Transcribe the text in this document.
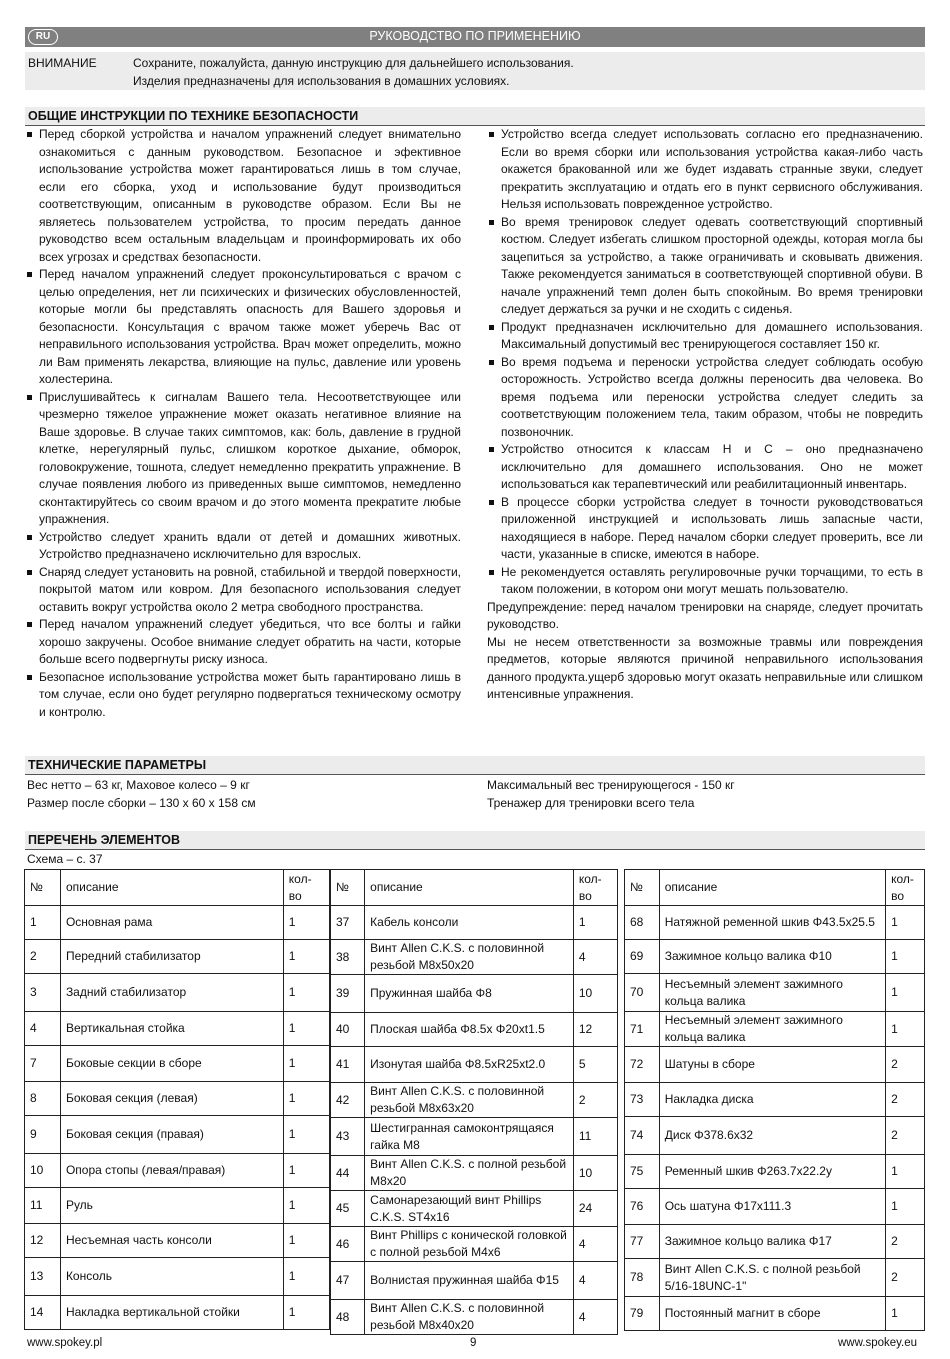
RU	РУКОВОДСТВО ПО ПРИМЕНЕНИЮ
ВНИМАНИЕ	Сохраните, пожалуйста, данную инструкцию для дальнейшего использования.
Изделия предназначены для использования в домашних условиях.
ОБЩИЕ ИНСТРУКЦИИ ПО ТЕХНИКЕ БЕЗОПАСНОСТИ

Перед сборкой устройства и началом упражнений следует внимательно ознакомиться с данным руководством. Безопасное и эфективное использование устройства может гарантироваться лишь в том случае, если его сборка, уход и использование будут производиться соответствующим, описанным в руководстве образом. Если Вы не являетесь пользователем устройства, то просим передать данное руководство всем остальным владельцам и проинформировать их обо всех угрозах и средствах безопасности.

Перед началом упражнений следует проконсультироваться с врачом с целью определения, нет ли психических и физических обусловленностей, которые могли бы представлять опасность для Вашего здоровья и безопасности. Консультация с врачом также может уберечь Вас от неправильного использования устройства. Врач может определить, можно ли Вам применять лекарства, влияющие на пульс, давление или уровень холестерина.

Прислушивайтесь к сигналам Вашего тела. Несоответствующее или чрезмерно тяжелое упражнение может оказать негативное влияние на Ваше здоровье. В случае таких симптомов, как: боль, давление в грудной клетке, нерегулярный пульс, слишком короткое дыхание, обморок, головокружение, тошнота, следует немедленно прекратить упражнение. В случае появления любого из приведенных выше симптомов, немедленно сконтактируйтесь со своим врачом и до этого момента прекратите любые упражнения.

Устройство следует хранить вдали от детей и домашних животных. Устройство предназначено исключительно для взрослых.

Снаряд следует установить на ровной, стабильной и твердой поверхности, покрытой матом или ковром. Для безопасного использования следует оставить вокруг устройства около 2 метра свободного пространства.

Перед началом упражнений следует убедиться, что все болты и гайки хорошо закручены. Особое внимание следует обратить на части, которые больше всего подвергнуты риску износа.

Безопасное использование устройства может быть гарантировано лишь в том случае, если оно будет регулярно подвергаться техническому осмотру и контролю.

Устройство всегда следует использовать согласно его предназначению. Если во время сборки или использования устройства какая-либо часть окажется бракованной или же будет издавать странные звуки, следует прекратить эксплуатацию и отдать его в пункт сервисного обслуживания. Нельзя использовать поврежденное устройство.

Во время тренировок следует одевать соответствующий спортивный костюм. Следует избегать слишком просторной одежды, которая могла бы зацепиться за устройство, а также ограничивать и сковывать движения. Также рекомендуется заниматься в соответствующей спортивной обуви. В начале упражнений темп долен быть спокойным. Во время тренировки следует держаться за ручки и не сходить с сиденья.

Продукт предназначен исключительно для домашнего использования. Максимальный допустимый вес тренирующегося составляет 150 кг.

Во время подъема и переноски устройства следует соблюдать особую осторожность. Устройство всегда должны переносить два человека. Во время подъема или переноски устройства следует следить за соответствующим положением тела, таким образом, чтобы не повредить позвоночник.

Устройство относится к классам H и C – оно предназначено исключительно для домашнего использования. Оно не может использоваться как терапевтический или реабилитационный инвентарь.

В процессе сборки устройства следует в точности руководствоваться приложенной инструкцией и использовать лишь запасные части, находящиеся в наборе. Перед началом сборки следует проверить, все ли части, указанные в списке, имеются в наборе.

Не рекомендуется оставлять регулировочные ручки торчащими, то есть в таком положении, в котором они могут мешать пользователю.

Предупреждение: перед началом тренировки на снаряде, следует прочитать руководство.

Мы не несем ответственности за возможные травмы или повреждения предметов, которые являются причиной неправильного использования данного продукта.ущерб здоровью могут оказать неправильные или слишком интенсивные упражнения.

ТЕХНИЧЕСКИЕ ПАРАМЕТРЫ
Вес нетто – 63 кг, Маховое колесо – 9 кг
Размер после сборки – 130 x 60 x 158 см
Максимальный вес тренирующегося - 150 кг
Тренажер для тренировки всего тела
ПЕРЕЧЕНЬ ЭЛЕМЕНТОВ
Схема – с. 37
№	описание	кол-во
1	Основная рама	1
2	Передний стабилизатор	1
3	Задний стабилизатор	1
4	Вертикальная стойка	1
7	Боковые секции в сборе	1
8	Боковая секция (левая)	1
9	Боковая секция (правая)	1
10	Опора стопы (левая/правая)	1
11	Руль	1
12	Несъемная часть консоли	1
13	Консоль	1
14	Накладка вертикальной стойки	1
№	описание	кол-во
37	Кабель консоли	1
38	Винт Allen C.K.S. с половинной резьбой M8x50x20	4
39	Пружинная шайба Φ8	10
40	Плоская шайба Φ8.5x Φ20xt1.5	12
41	Изонутая шайба Φ8.5xR25xt2.0	5
42	Винт Allen C.K.S. с половинной резьбой M8x63x20	2
43	Шестигранная самоконтрящаяся гайка M8	11
44	Винт Allen C.K.S. с полной резьбой M8x20	10
45	Самонарезающий винт Phillips C.K.S. ST4x16	24
46	Винт Phillips с коничеcкой головкой с полной резьбой M4x6	4
47	Волнистая пружинная шайба Φ15	4
48	Винт Allen C.K.S. с половинной резьбой M8x40x20	4
№	описание	кол-во
68	Натяжной ременной шкив Φ43.5x25.5	1
69	Зажимное кольцо валика Φ10	1
70	Несъемный элемент зажимного кольца валика	1
71	Несъемный элемент зажимного кольца валика	1
72	Шатуны в сборе	2
73	Накладка диска	2
74	Диск Φ378.6x32	2
75	Ременный шкив Φ263.7x22.2y	1
76	Ось шатуна Φ17x111.3	1
77	Зажимное кольцо валика Φ17	2
78	Винт Allen C.K.S. с полной резьбой 5/16-18UNC-1"	2
79	Постоянный магнит в сборе	1
www.spokey.pl	9	www.spokey.eu
